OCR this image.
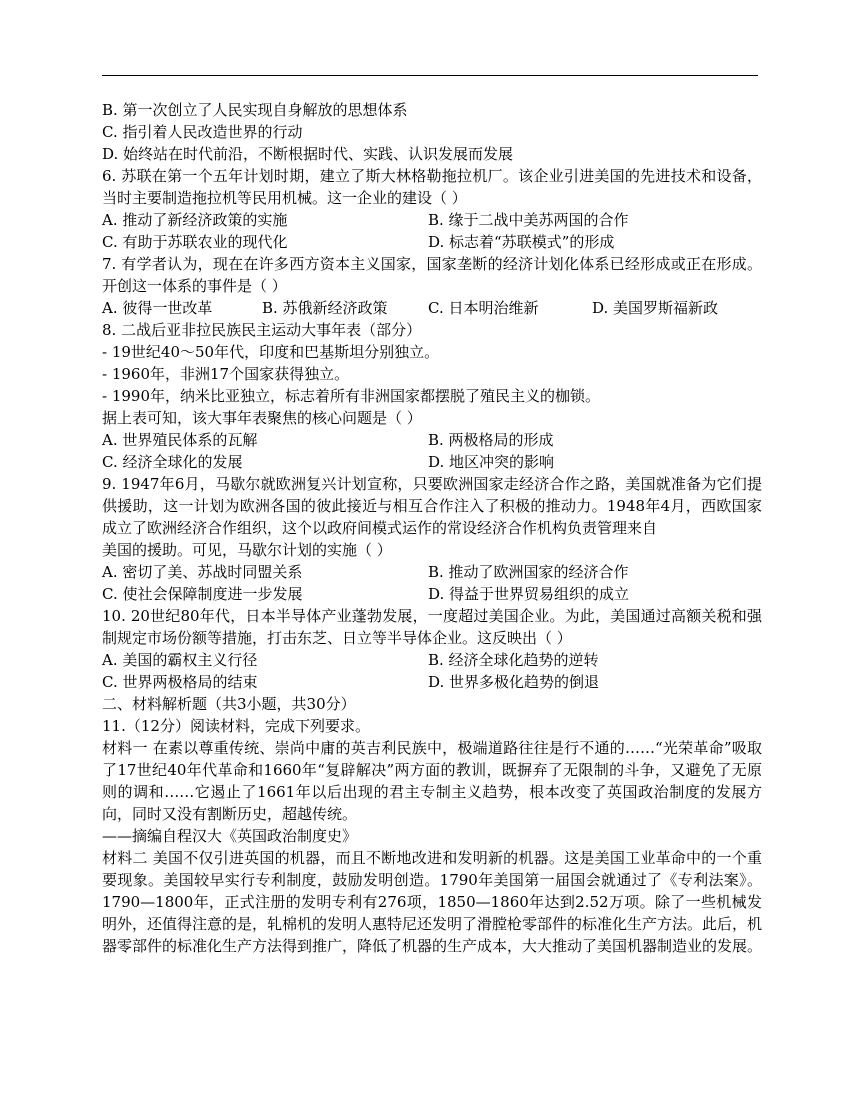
B. 第一次创立了人民实现自身解放的思想体系
C. 指引着人民改造世界的行动
D. 始终站在时代前沿，不断根据时代、实践、认识发展而发展
6. 苏联在第一个五年计划时期，建立了斯大林格勒拖拉机厂。该企业引进美国的先进技术和设备，当时主要制造拖拉机等民用机械。这一企业的建设（ ）
A. 推动了新经济政策的实施	B. 缘于二战中美苏两国的合作
C. 有助于苏联农业的现代化	D. 标志着“苏联模式”的形成
7. 有学者认为，现在在许多西方资本主义国家，国家垄断的经济计划化体系已经形成或正在形成。开创这一体系的事件是（ ）
A. 彼得一世改革	B. 苏俄新经济政策	C. 日本明治维新	D. 美国罗斯福新政
8. 二战后亚非拉民族民主运动大事年表（部分）
- 19世纪40～50年代，印度和巴基斯坦分别独立。
- 1960年，非洲17个国家获得独立。
- 1990年，纳米比亚独立，标志着所有非洲国家都摆脱了殖民主义的枷锁。
据上表可知，该大事年表聚焦的核心问题是（ ）
A. 世界殖民体系的瓦解	B. 两极格局的形成
C. 经济全球化的发展	D. 地区冲突的影响
9. 1947年6月，马歇尔就欧洲复兴计划宣称，只要欧洲国家走经济合作之路，美国就准备为它们提供援助，这一计划为欧洲各国的彼此接近与相互合作注入了积极的推动力。1948年4月，西欧国家成立了欧洲经济合作组织，这个以政府间模式运作的常设经济合作机构负责管理来自
美国的援助。可见，马歇尔计划的实施（ ）
A. 密切了美、苏战时同盟关系	B. 推动了欧洲国家的经济合作
C. 使社会保障制度进一步发展	D. 得益于世界贸易组织的成立
10. 20世纪80年代，日本半导体产业蓬勃发展，一度超过美国企业。为此，美国通过高额关税和强制规定市场份额等措施，打击东芝、日立等半导体企业。这反映出（ ）
A. 美国的霸权主义行径	B. 经济全球化趋势的逆转
C. 世界两极格局的结束	D. 世界多极化趋势的倒退
二、材料解析题（共3小题，共30分）
11.（12分）阅读材料，完成下列要求。
材料一 在素以尊重传统、崇尚中庸的英吉利民族中，极端道路往往是行不通的……“光荣革命”吸取了17世纪40年代革命和1660年“复辟解决”两方面的教训，既摒弃了无限制的斗争，又避免了无原则的调和……它遏止了1661年以后出现的君主专制主义趋势，根本改变了英国政治制度的发展方向，同时又没有割断历史，超越传统。
——摘编自程汉大《英国政治制度史》
材料二 美国不仅引进英国的机器，而且不断地改进和发明新的机器。这是美国工业革命中的一个重要现象。美国较早实行专利制度，鼓励发明创造。1790年美国第一届国会就通过了《专利法案》。1790—1800年，正式注册的发明专利有276项，1850—1860年达到2.52万项。除了一些机械发明外，还值得注意的是，轧棉机的发明人惠特尼还发明了滑膛枪零部件的标准化生产方法。此后，机器零部件的标准化生产方法得到推广，降低了机器的生产成本，大大推动了美国机器制造业的发展。
